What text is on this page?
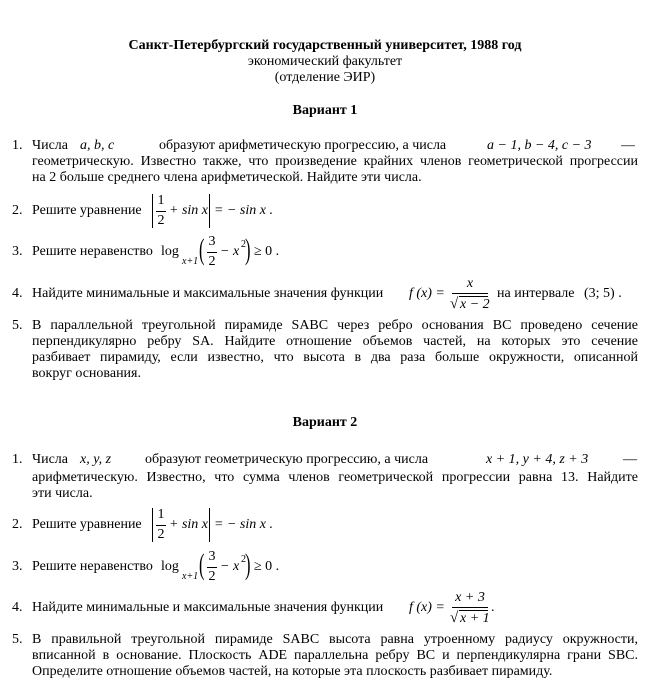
Санкт-Петербургский государственный университет, 1988 год
экономический факультет
(отделение ЭИР)
Вариант 1
1. Числа a, b, c	образуют арифметическую прогрессию, а числа	a − 1, b − 4, c − 3 —
геометрическую. Известно также, что произведение крайних членов геометрической прогрессии
на 2 больше среднего члена арифметической. Найдите эти числа.
2. Решите уравнение
1
2
+ sin x = − sin x .
3. Решите неравенство log
x+1 ( 3
2
− x 2 ) ≥ 0 .
4. Найдите минимальные и максимальные значения функции f (x) =
x
√ x − 2
на интервале (3; 5) .
5. В параллельной треугольной пирамиде SABC через ребро основания BC проведено сечение
перпендикулярно ребру SA. Найдите отношение объемов частей, на которых это сечение
разбивает пирамиду, если известно, что высота в два раза больше окружности, описанной
вокруг основания.
Вариант 2
1. Числа x, y, z образуют геометрическую прогрессию, а числа	x + 1, y + 4, z + 3 —
арифметическую. Известно, что сумма членов геометрической прогрессии равна 13. Найдите
эти числа.
2. Решите уравнение
1
2
+ sin x = − sin x .
3. Решите неравенство log
x+1 ( 3
2
− x 2 ) ≥ 0 .
4. Найдите минимальные и максимальные значения функции f (x) =
x + 3
√ x + 1
.
5. В правильной треугольной пирамиде SABC высота равна утроенному радиусу окружности,
вписанной в основание. Плоскость ADE параллельна ребру BC и перпендикулярна грани SBC.
Определите отношение объемов частей, на которые эта плоскость разбивает пирамиду.
